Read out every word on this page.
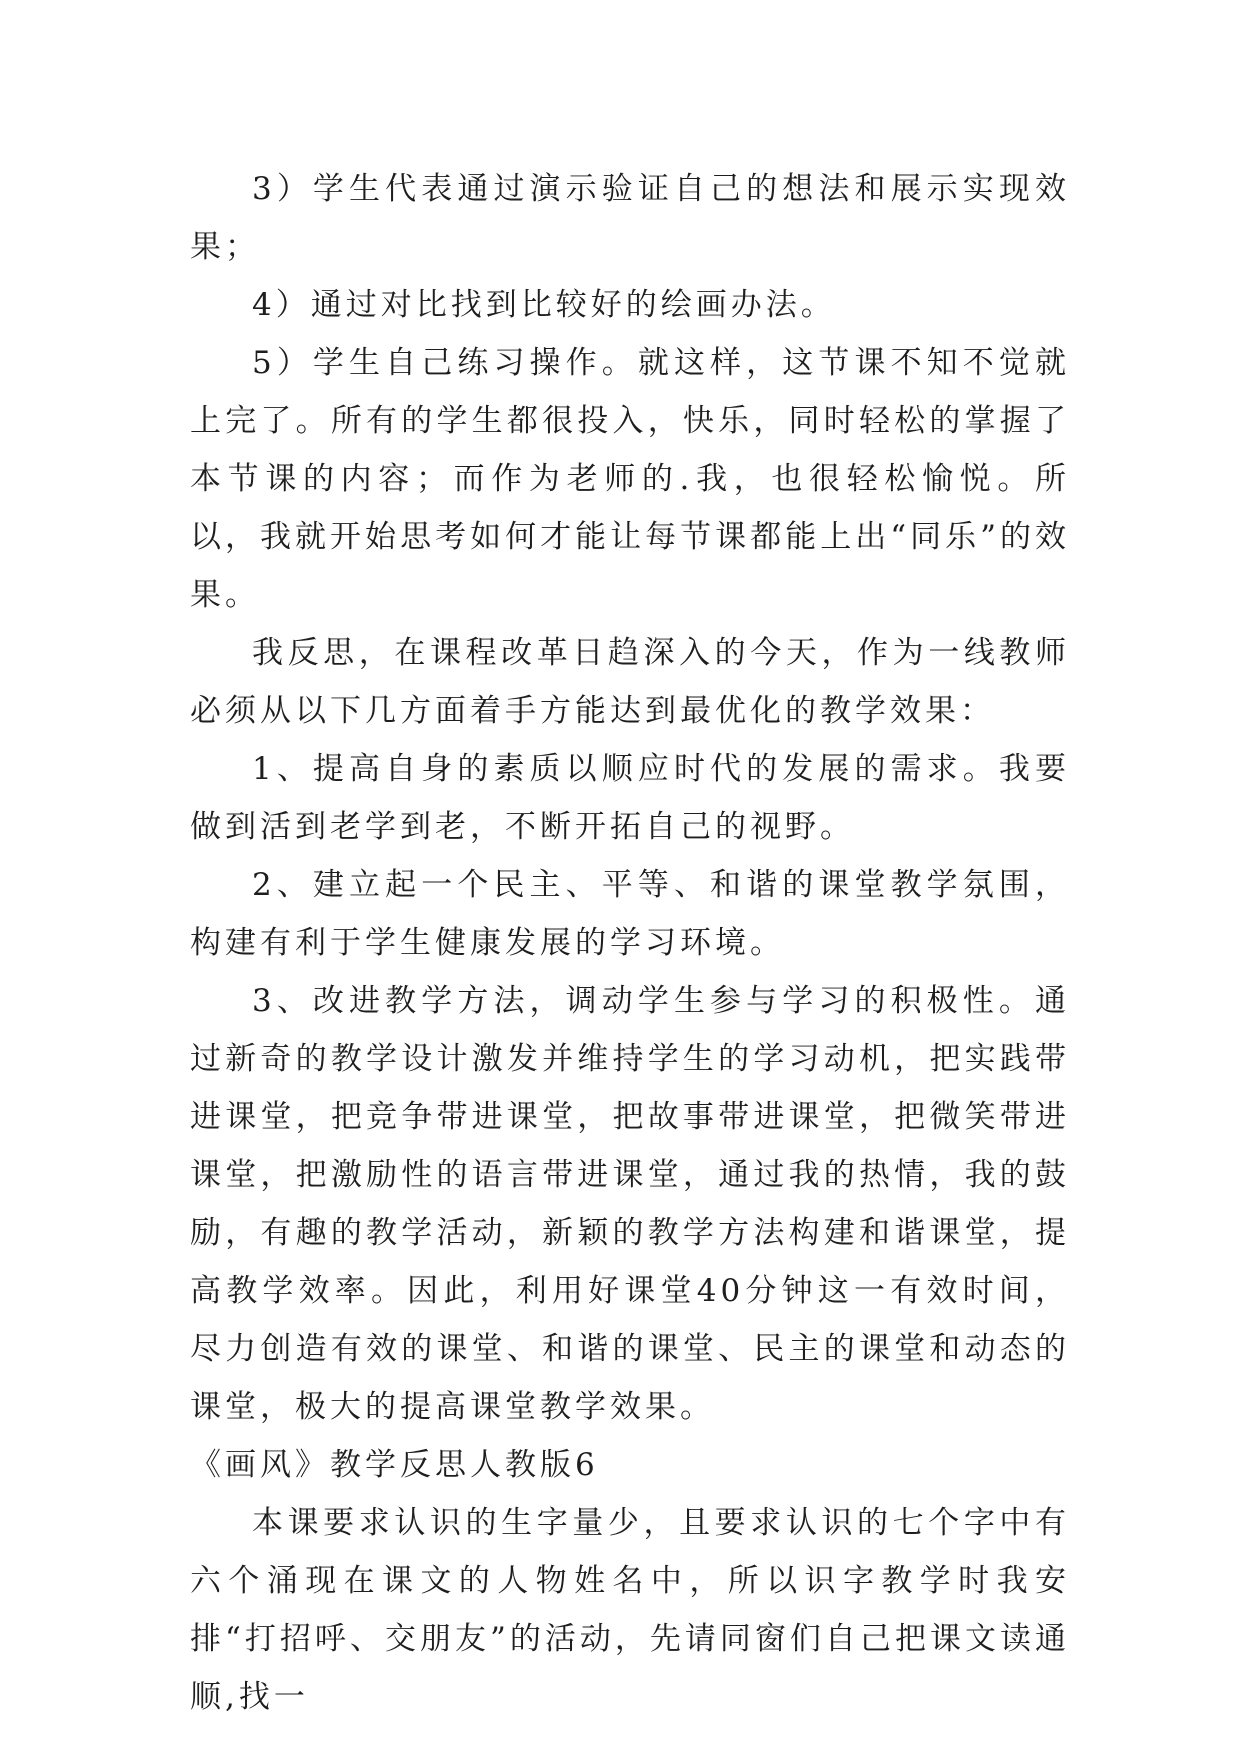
3）学生代表通过演示验证自己的想法和展示实现效果；

4）通过对比找到比较好的绘画办法。

5）学生自己练习操作。就这样，这节课不知不觉就上完了。所有的学生都很投入，快乐，同时轻松的掌握了本节课的内容；而作为老师的.我，也很轻松愉悦。所以，我就开始思考如何才能让每节课都能上出“同乐”的效果。

我反思，在课程改革日趋深入的今天，作为一线教师必须从以下几方面着手方能达到最优化的教学效果：

1、提高自身的素质以顺应时代的发展的需求。我要做到活到老学到老，不断开拓自己的视野。

2、建立起一个民主、平等、和谐的课堂教学氛围，构建有利于学生健康发展的学习环境。

3、改进教学方法，调动学生参与学习的积极性。通过新奇的教学设计激发并维持学生的学习动机，把实践带进课堂，把竞争带进课堂，把故事带进课堂，把微笑带进课堂，把激励性的语言带进课堂，通过我的热情，我的鼓励，有趣的教学活动，新颖的教学方法构建和谐课堂，提高教学效率。因此，利用好课堂40分钟这一有效时间，尽力创造有效的课堂、和谐的课堂、民主的课堂和动态的课堂，极大的提高课堂教学效果。

《画风》教学反思人教版6

本课要求认识的生字量少，且要求认识的七个字中有六个涌现在课文的人物姓名中，所以识字教学时我安排“打招呼、交朋友”的活动，先请同窗们自己把课文读通顺,找一
